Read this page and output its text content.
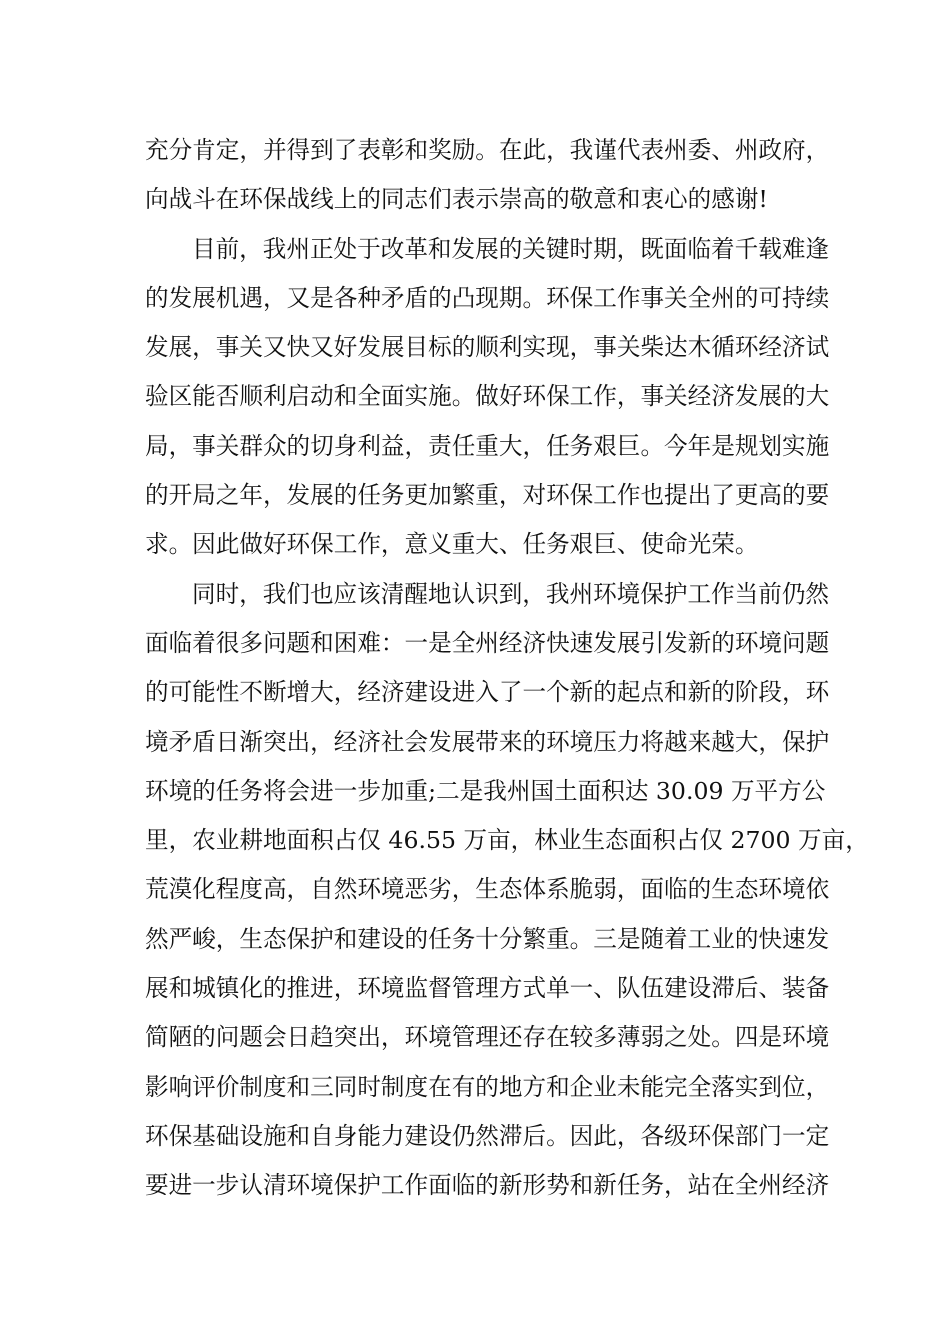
充分肯定，并得到了表彰和奖励。在此，我谨代表州委、州政府，
向战斗在环保战线上的同志们表示崇高的敬意和衷心的感谢!
目前，我州正处于改革和发展的关键时期，既面临着千载难逢
的发展机遇，又是各种矛盾的凸现期。环保工作事关全州的可持续
发展，事关又快又好发展目标的顺利实现，事关柴达木循环经济试
验区能否顺利启动和全面实施。做好环保工作，事关经济发展的大
局，事关群众的切身利益，责任重大，任务艰巨。今年是规划实施
的开局之年，发展的任务更加繁重，对环保工作也提出了更高的要
求。因此做好环保工作，意义重大、任务艰巨、使命光荣。
同时，我们也应该清醒地认识到，我州环境保护工作当前仍然
面临着很多问题和困难：一是全州经济快速发展引发新的环境问题
的可能性不断增大，经济建设进入了一个新的起点和新的阶段，环
境矛盾日渐突出，经济社会发展带来的环境压力将越来越大，保护
环境的任务将会进一步加重;二是我州国土面积达 30.09 万平方公
里，农业耕地面积占仅 46.55 万亩，林业生态面积占仅 2700 万亩，
荒漠化程度高，自然环境恶劣，生态体系脆弱，面临的生态环境依
然严峻，生态保护和建设的任务十分繁重。三是随着工业的快速发
展和城镇化的推进，环境监督管理方式单一、队伍建设滞后、装备
简陋的问题会日趋突出，环境管理还存在较多薄弱之处。四是环境
影响评价制度和三同时制度在有的地方和企业未能完全落实到位，
环保基础设施和自身能力建设仍然滞后。因此，各级环保部门一定
要进一步认清环境保护工作面临的新形势和新任务，站在全州经济
